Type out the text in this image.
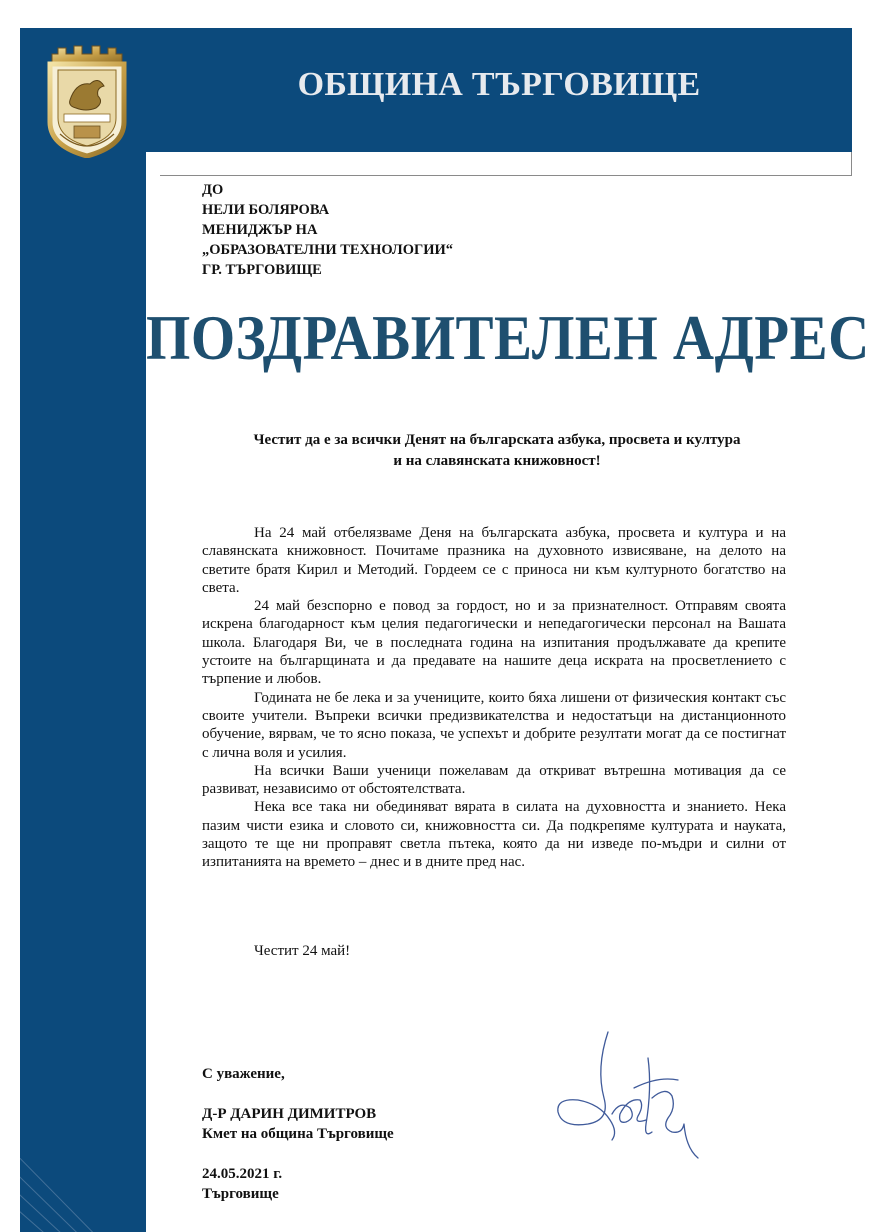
ОБЩИНА ТЪРГОВИЩЕ
ДО
НЕЛИ БОЛЯРОВА
МЕНИДЖЪР НА
„ОБРАЗОВАТЕЛНИ ТЕХНОЛОГИИ“
ГР. ТЪРГОВИЩЕ
ПОЗДРАВИТЕЛЕН АДРЕС
Честит да е за всички Денят на българската азбука, просвета и култура
и на славянската книжовност!

На 24 май отбелязваме Деня на българската азбука, просвета и култура и на славянската книжовност. Почитаме празника на духовното извисяване, на делото на светите братя Кирил и Методий. Гордеем се с приноса ни към културното богатство на света.

24 май безспорно е повод за гордост, но и за признателност. Отправям своята искрена благодарност към целия педагогически и непедагогически персонал на Вашата школа. Благодаря Ви, че в последната година на изпитания продължавате да крепите устоите на българщината и да предавате на нашите деца искрата на просветлението с търпение и любов.

Годината не бе лека и за учениците, които бяха лишени от физическия контакт със своите учители. Въпреки всички предизвикателства и недостатъци на дистанционното обучение, вярвам, че то ясно показа, че успехът и добрите резултати могат да се постигнат с лична воля и усилия.

На всички Ваши ученици пожелавам да откриват вътрешна мотивация да се развиват, независимо от обстоятелствата.

Нека все така ни обединяват вярата в силата на духовността и знанието. Нека пазим чисти езика и словото си, книжовността си. Да подкрепяме културата и науката, защото те ще ни проправят светла пътека, която да ни изведе по-мъдри и силни от изпитанията на времето – днес и в дните пред нас.

Честит 24 май!
С уважение,
Д-Р ДАРИН ДИМИТРОВ
Кмет на община Търговище
24.05.2021 г.
Търговище
